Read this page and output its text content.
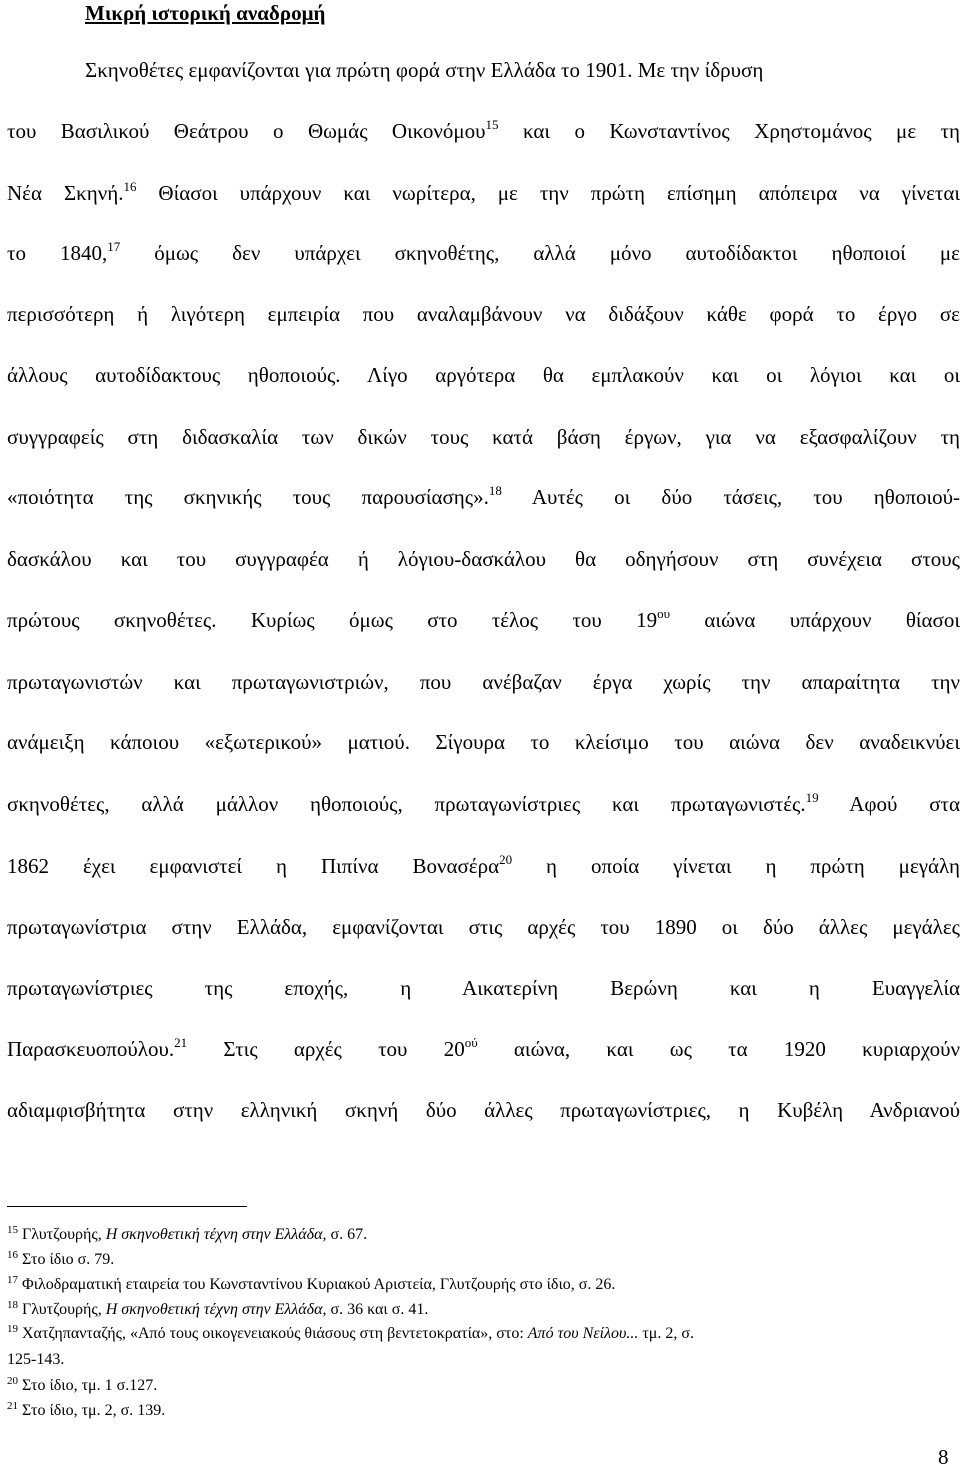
Μικρή ιστορική αναδρομή
Σκηνοθέτες εμφανίζονται για πρώτη φορά στην Ελλάδα το 1901. Με την ίδρυση
του Βασιλικού Θεάτρου ο Θωμάς Οικονόμου$^{15}$ και ο Κωνσταντίνος Χρηστομάνος με τη
Νέα Σκηνή.$^{16}$ Θίασοι υπάρχουν και νωρίτερα, με την πρώτη επίσημη απόπειρα να γίνεται
το 1840,17 όμως δεν υπάρχει σκηνοθέτης, αλλά μόνο αυτοδίδακτοι ηθοποιοί με
περισσότερη ή λιγότερη εμπειρία που αναλαμβάνουν να διδάξουν κάθε φορά το έργο σε
άλλους αυτοδίδακτους ηθοποιούς. Λίγο αργότερα θα εμπλακούν και οι λόγιοι και οι
συγγραφείς στη διδασκαλία των δικών τους κατά βάση έργων, για να εξασφαλίζουν τη
«ποιότητα της σκηνικής τους παρουσίασης».$^{18}$ Αυτές οι δύο τάσεις, του ηθοποιού-
δασκάλου και του συγγραφέα ή λόγιου-δασκάλου θα οδηγήσουν στη συνέχεια στους
πρώτους σκηνοθέτες. Κυρίως όμως στο τέλος του $19^{o\upsilon}$ αιώνα υπάρχουν θίασοι
πρωταγωνιστών και πρωταγωνιστριών, που ανέβαζαν έργα χωρίς την απαραίτητα την
ανάμειξη κάποιου «εξωτερικού» ματιού. Σίγουρα το κλείσιμο του αιώνα δεν αναδεικνύει
σκηνοθέτες, αλλά μάλλον ηθοποιούς, πρωταγωνίστριες και πρωταγωνιστές.$^{19}$ Αφού στα
1862 έχει εμφανιστεί η Πιπίνα Βονασέρα$^{20}$ η οποία γίνεται η πρώτη μεγάλη
πρωταγωνίστρια στην Ελλάδα, εμφανίζονται στις αρχές του 1890 οι δύο άλλες μεγάλες
πρωταγωνίστριες της εποχής, η Αικατερίνη Βερώνη και η Ευαγγελία
Παρασκευοπούλου.$^{21}$ Στις αρχές του $20^{oύ}$ αιώνα, και ως τα 1920 κυριαρχούν
αδιαμφισβήτητα στην ελληνική σκηνή δύο άλλες πρωταγωνίστριες, η Κυβέλη Ανδριανού
$^{15}$ Γλυτζουρής, Η σκηνοθετική τέχνη στην Ελλάδα, σ. 67.
$^{16}$ Στο ίδιο σ. 79.
$^{17}$ Φιλοδραματική εταιρεία του Κωνσταντίνου Κυριακού Αριστεία, Γλυτζουρής στο ίδιο, σ. 26.
$^{18}$ Γλυτζουρής, Η σκηνοθετική τέχνη στην Ελλάδα, σ. 36 και σ. 41.
$^{19}$ Χατζηπανταζής, «Από τους οικογενειακούς θιάσους στη βεντετοκρατία», στο: Από του Νείλου... τμ. 2, σ.
125-143.
$^{20}$ Στο ίδιο, τμ. 1 σ.127.
$^{21}$ Στο ίδιο, τμ. 2, σ. 139.
8
